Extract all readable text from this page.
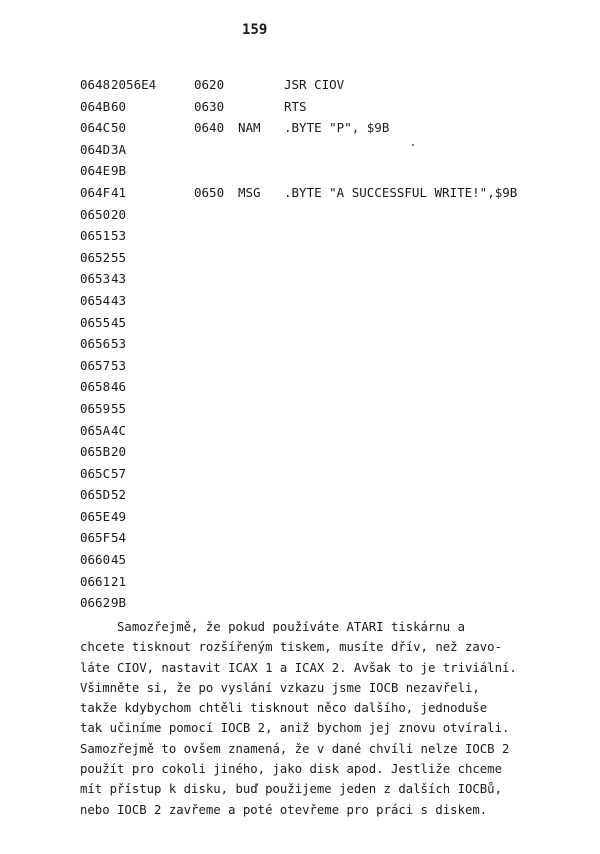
159
0648 2056E4	0620	JSR CIOV
064B 60	0630	RTS
064C 50	0640 NAM .BYTE "P", $9B
064D 3A
064E 9B
064F 41	0650 MSG .BYTE "A SUCCESSFUL WRITE!",$9B
0650 20
0651 53
0652 55
0653 43
0654 43
0655 45
0656 53
0657 53
0658 46
0659 55
065A 4C
065B 20
065C 57
065D 52
065E 49
065F 54
0660 45
0661 21
0662 9B
Samozřejmě, že pokud používáte ATARI tiskárnu a
chcete tisknout rozšířeným tiskem, musíte dřív, než zavo-
láte CIOV, nastavit ICAX 1 a ICAX 2. Avšak to je triviální.
Všimněte si, že po vyslání vzkazu jsme IOCB nezavřeli,
takže kdybychom chtěli tisknout něco dalšího, jednoduše
tak učiníme pomocí IOCB 2, aniž bychom jej znovu otvírali.
Samozřejmě to ovšem znamená, že v dané chvíli nelze IOCB 2
použít pro cokoli jiného, jako disk apod. Jestliže chceme
mít přístup k disku, buď použijeme jeden z dalších IOCBů,
nebo IOCB 2 zavřeme a poté otevřeme pro práci s diskem.
